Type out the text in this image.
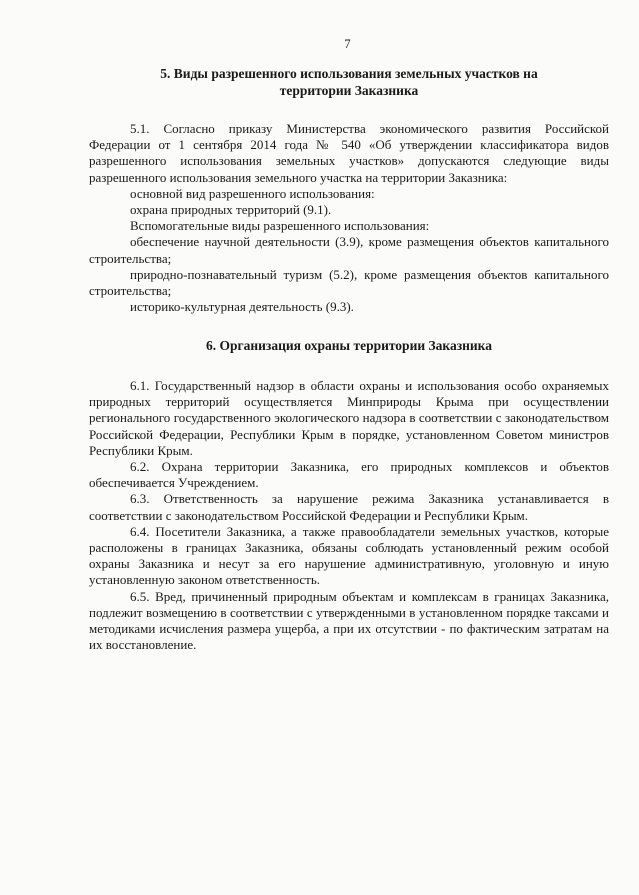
7
5. Виды разрешенного использования земельных участков на
территории Заказника

5.1. Согласно приказу Министерства экономического развития Российской Федерации от 1 сентября 2014 года № 540 «Об утверждении классификатора видов разрешенного использования земельных участков» допускаются следующие виды разрешенного использования земельного участка на территории Заказника:

основной вид разрешенного использования:

охрана природных территорий (9.1).

Вспомогательные виды разрешенного использования:

обеспечение научной деятельности (3.9), кроме размещения объектов капитального строительства;

природно-познавательный туризм (5.2), кроме размещения объектов капитального строительства;

историко-культурная деятельность (9.3).

6. Организация охраны территории Заказника

6.1. Государственный надзор в области охраны и использования особо охраняемых природных территорий осуществляется Минприроды Крыма при осуществлении регионального государственного экологического надзора в соответствии с законодательством Российской Федерации, Республики Крым в порядке, установленном Советом министров Республики Крым.

6.2. Охрана территории Заказника, его природных комплексов и объектов обеспечивается Учреждением.

6.3. Ответственность за нарушение режима Заказника устанавливается в соответствии с законодательством Российской Федерации и Республики Крым.

6.4. Посетители Заказника, а также правообладатели земельных участков, которые расположены в границах Заказника, обязаны соблюдать установленный режим особой охраны Заказника и несут за его нарушение административную, уголовную и иную установленную законом ответственность.

6.5. Вред, причиненный природным объектам и комплексам в границах Заказника, подлежит возмещению в соответствии с утвержденными в установленном порядке таксами и методиками исчисления размера ущерба, а при их отсутствии - по фактическим затратам на их восстановление.
